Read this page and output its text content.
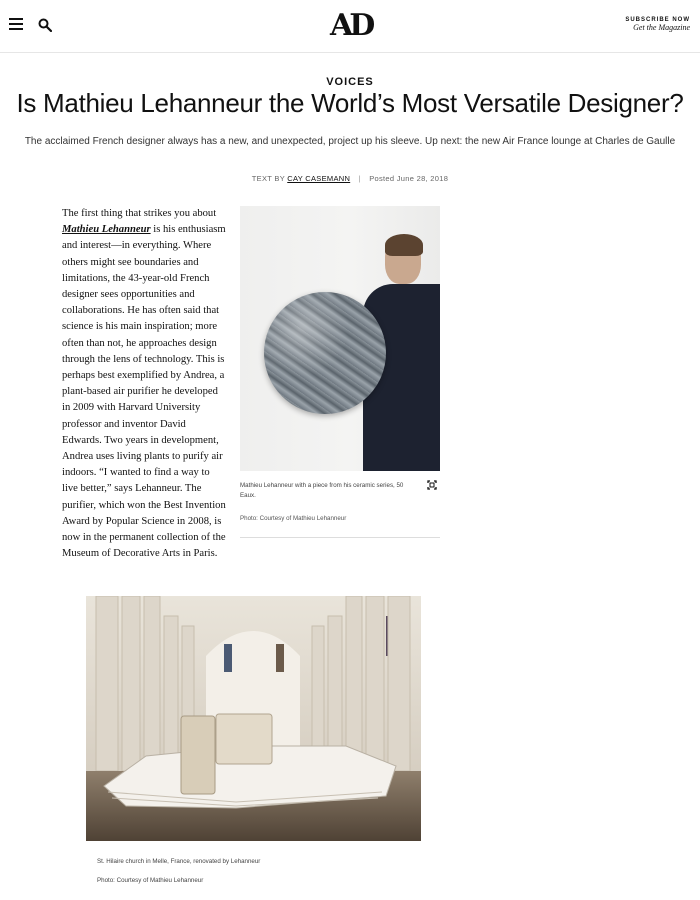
AD	SUBSCRIBE NOW
Get the Magazine
VOICES
Is Mathieu Lehanneur the World’s Most Versatile Designer?

The acclaimed French designer always has a new, and unexpected, project up his sleeve. Up next: the new Air France lounge at Charles de Gaulle

TEXT BY CAY CASEMANN | Posted June 28, 2018
Mathieu Lehanneur with a piece from his ceramic series, 50 Eaux.
Photo: Courtesy of Mathieu Lehanneur
The first thing that strikes you about Mathieu Lehanneur is his enthusiasm and interest—in everything. Where others might see boundaries and limitations, the 43-year-old French designer sees opportunities and collaborations. He has often said that science is his main inspiration; more often than not, he approaches design through the lens of technology. This is perhaps best exemplified by Andrea, a plant-based air purifier he developed in 2009 with Harvard University professor and inventor David Edwards. Two years in development, Andrea uses living plants to purify air indoors. “I wanted to find a way to live better,” says Lehanneur. The purifier, which won the Best Invention Award by Popular Science in 2008, is now in the permanent collection of the Museum of Decorative Arts in Paris.
St. Hilaire church in Melle, France, renovated by Lehanneur
Photo: Courtesy of Mathieu Lehanneur
